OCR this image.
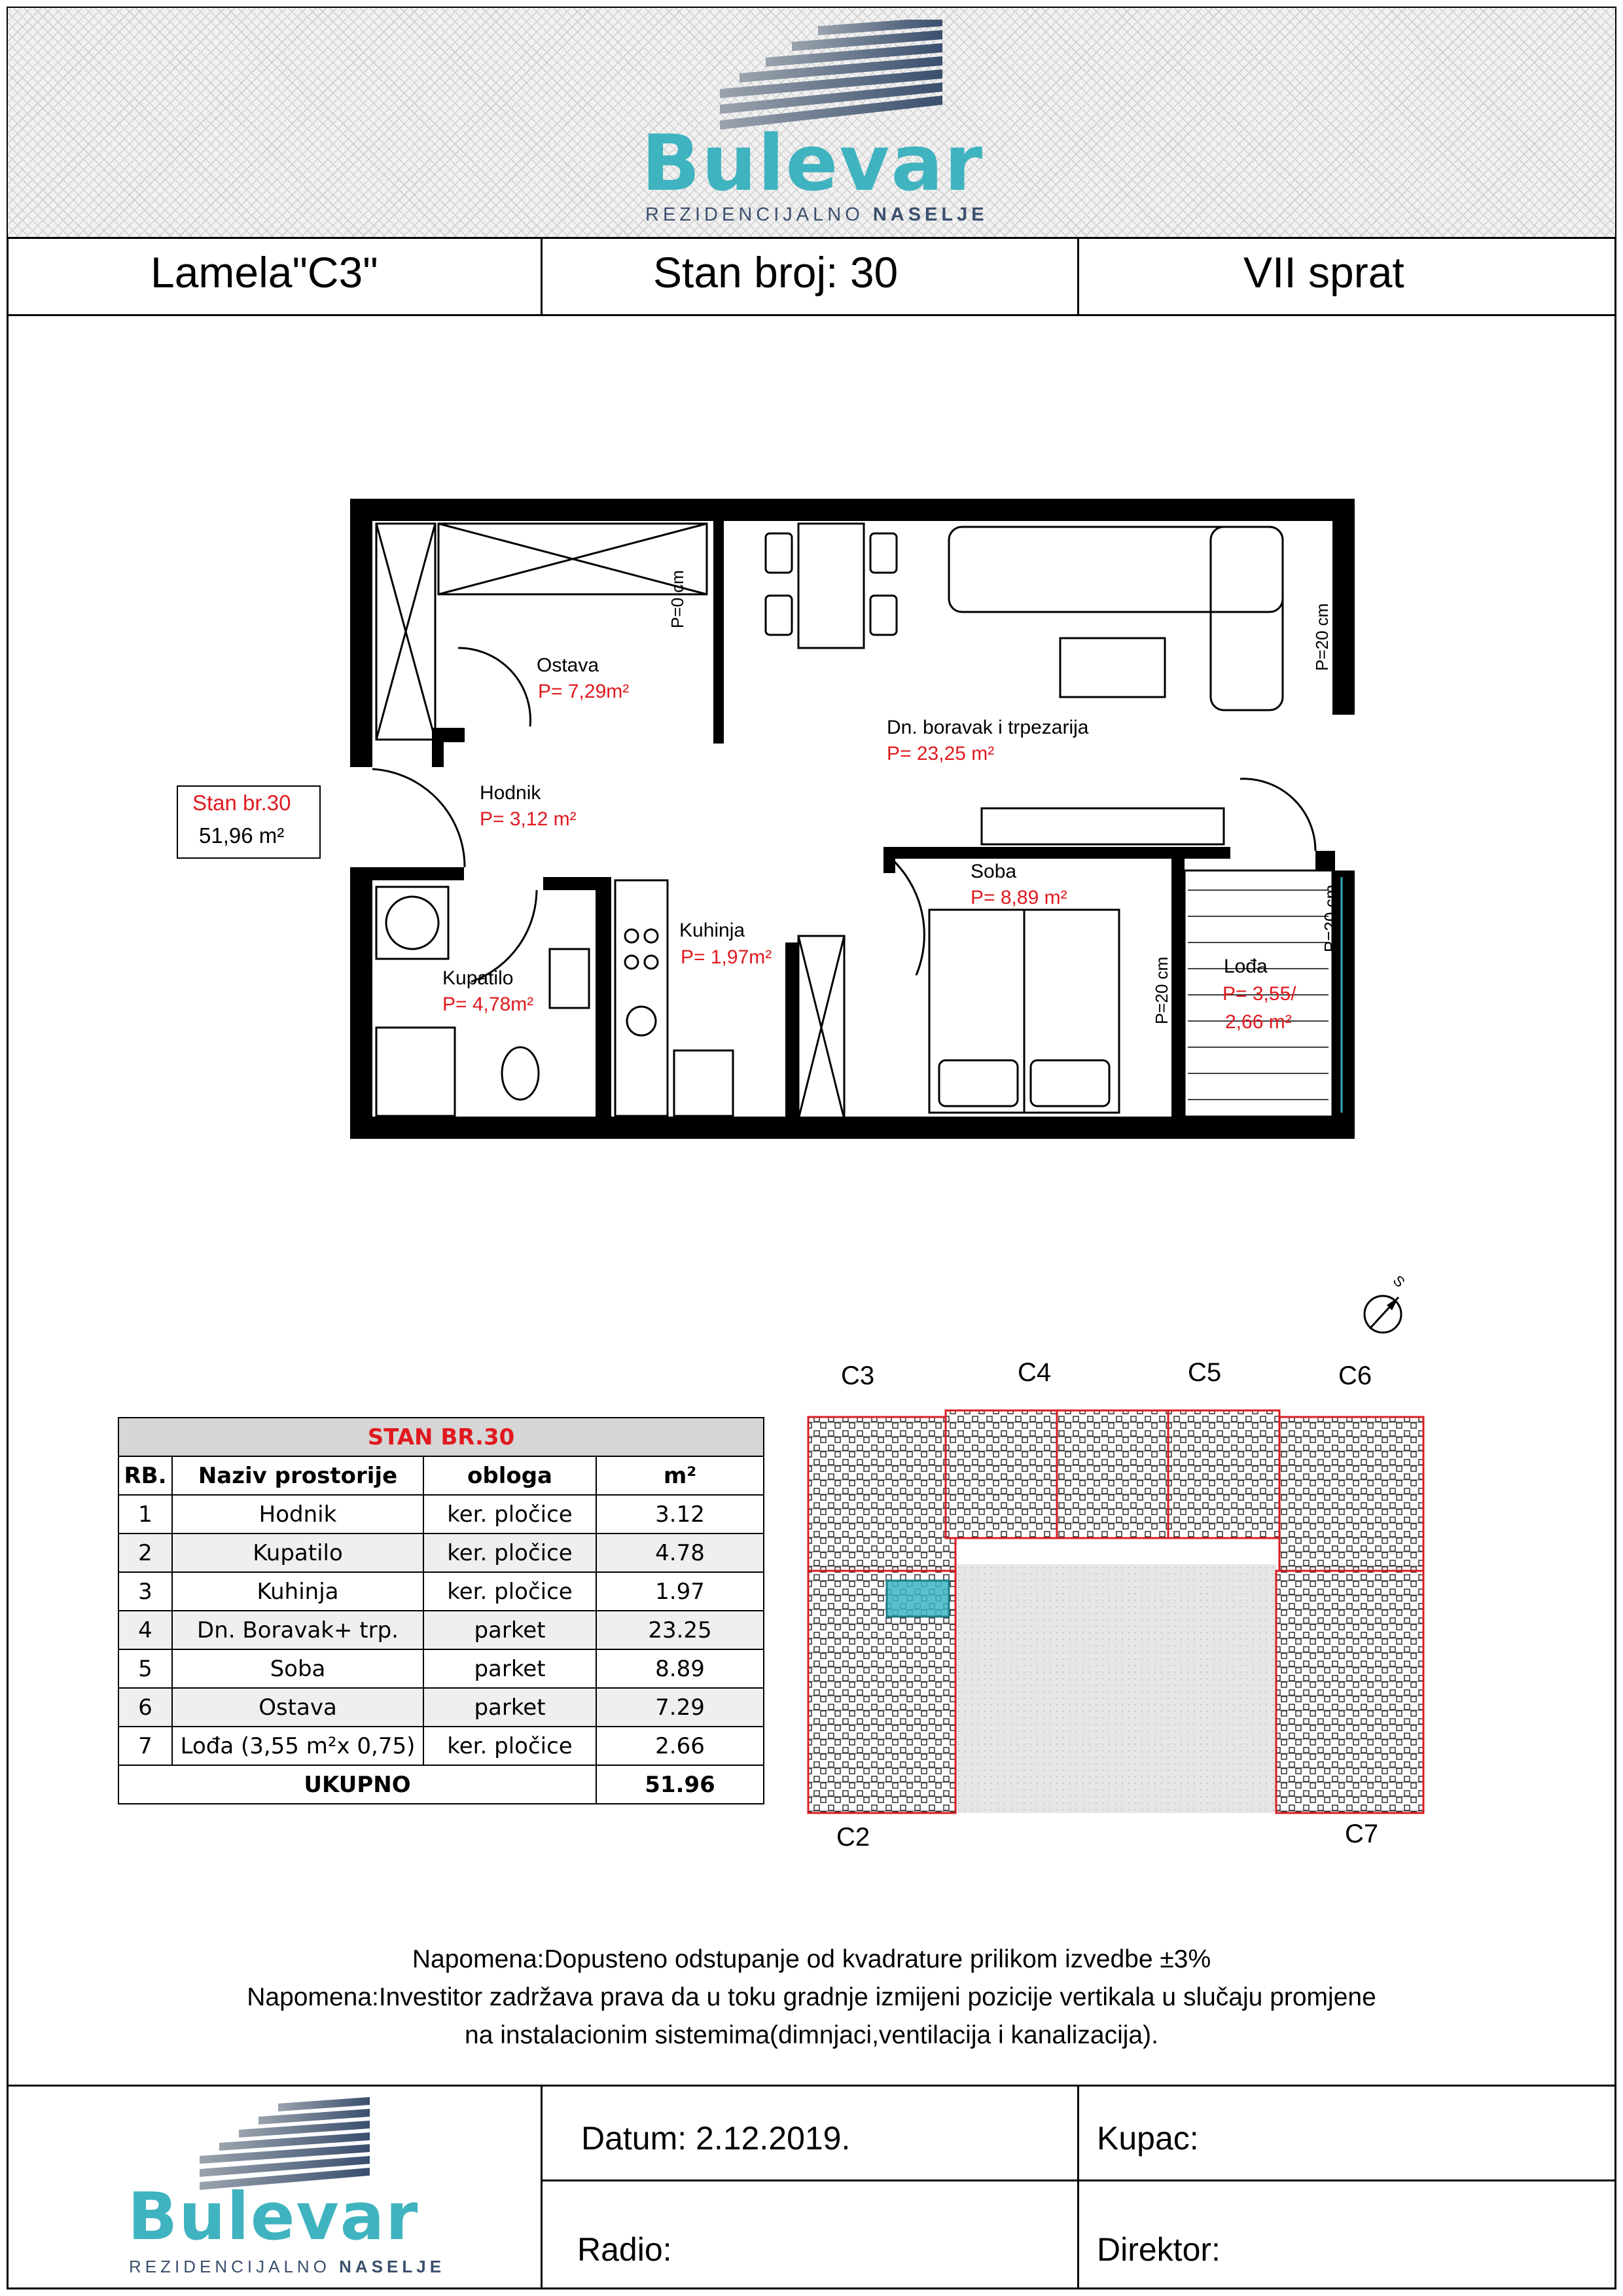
Bulevar
REZIDENCIJALNO NASELJE
Lamela"C3"	Stan broj: 30	VII sprat
Stan br.30
51,96 m²
Ostava
P= 7,29m²
Dn. boravak i trpezarija
P= 23,25 m²
Hodnik
P= 3,12 m²
Soba
P= 8,89 m²
Kuhinja
P= 1,97m²
Kupatilo
P= 4,78m²
Lođa
P= 3,55/
2,66 m²
P=0 cm
P=20 cm
P=20 cm
P=20 cm
S
C3	C4	C5	C6
C2	C7
STAN BR.30			
RB.	Naziv prostorije	obloga	m²
1	Hodnik	ker. pločice	3.12
2	Kupatilo	ker. pločice	4.78
3	Kuhinja	ker. pločice	1.97
4	Dn. Boravak+ trp.	parket	23.25
5	Soba	parket	8.89
6	Ostava	parket	7.29
7	Lođa (3,55 m²x 0,75)	ker. pločice	2.66
UKUPNO			51.96
Napomena:Dopusteno odstupanje od kvadrature prilikom izvedbe ±3%
Napomena:Investitor zadržava prava da u toku gradnje izmijeni pozicije vertikala u slučaju promjene
na instalacionim sistemima(dimnjaci,ventilacija i kanalizacija).
Bulevar
REZIDENCIJALNO NASELJE
Datum: 2.12.2019.	Kupac:
Radio:	Direktor:
